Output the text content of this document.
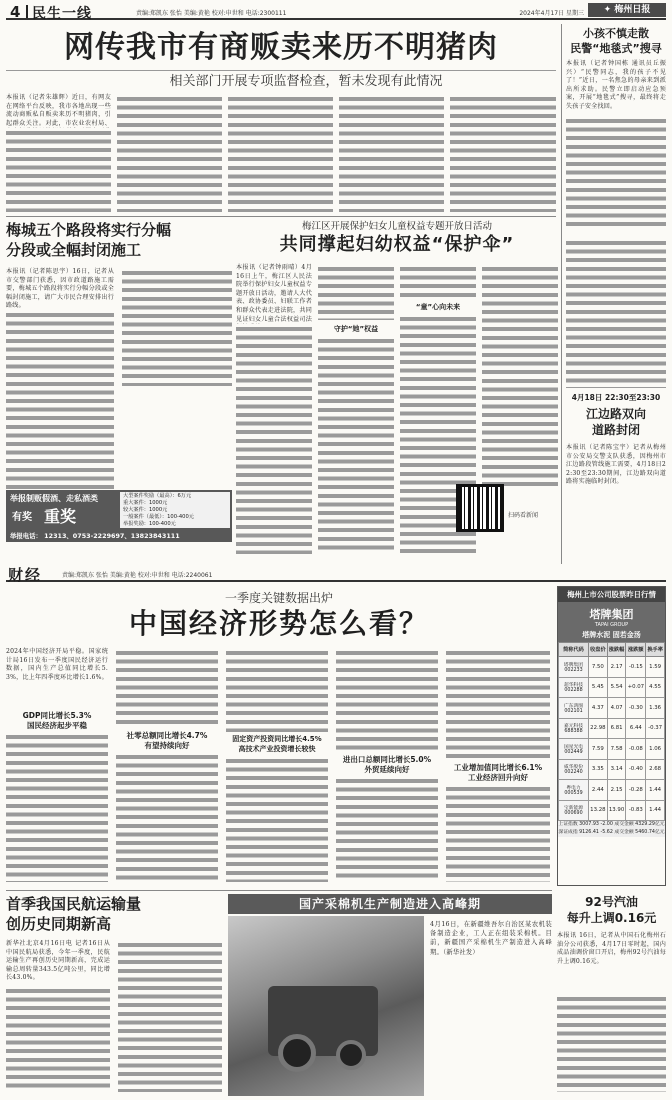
4 民生一线	责编:郑凯东 张怡 美编:黄艳 校对:申世和 电话:2300111	✦ 梅州日报
2024年4月17日 星期三
网传我市有商贩卖来历不明猪肉
相关部门开展专项监督检查，暂未发现有此情况
本报讯（记者朱雄辉）近日，有网友在网络平台反映，我市各地出现一些流动商贩私自贩卖来历不明猪肉，引起群众关注。对此，市农业农村局、
小孩不慎走散
民警“地毯式”搜寻
本报讯（记者钟国栋 通讯员丘振兴）“民警同志，我的孩子不见了！”近日，一名焦急的母亲来到派出所求助。民警立即启动应急预案，开展“地毯式”搜寻，最终将走失孩子安全找回。
梅城五个路段将实行分幅
分段或全幅封闭施工
本报讯（记者陈思宇）16日，记者从市交警部门获悉，因市政道路施工需要，梅城五个路段将实行分幅分段或全幅封闭施工，请广大市民合理安排出行路线。
举报制贩假酒、走私酒类
有奖 重奖
大型案件奖励（最高）：6万元
重大案件：1000元
较大案件：1000元
一般案件（最低）：100-400元
举报奖励：100-400元
举报电话： 12313、0753-2229697、13823843111
梅江区开展保护妇女儿童权益专题开放日活动
共同撑起妇幼权益“保护伞”
本报讯（记者钟雨晴）4月16日上午，梅江区人民法院举行保护妇女儿童权益专题开放日活动，邀请人大代表、政协委员、妇联工作者和群众代表走进法院，共同见证妇女儿童合法权益司法
守护“她”权益
“童”心向未来
扫码看新闻
4月18日 22:30至23:30
江边路双向
道路封闭
本报讯（记者陈宝宇）记者从梅州市公安局交警支队获悉，因梅州市江边路段管线施工需要，4月18日22:30至23:30期间，江边路双向道路将实施临时封闭。
财经	责编:郑凯东 张怡 美编:黄艳 校对:申世和 电话:2240061
一季度关键数据出炉
中国经济形势怎么看？
2024年中国经济开局平稳。国家统计局16日发布一季度国民经济运行数据，国内生产总值同比增长5.3%，比上年四季度环比增长1.6%。
GDP同比增长5.3%
国民经济起步平稳
社零总额同比增长4.7%
有望持续向好
固定资产投资同比增长4.5%
高技术产业投资增长较快
进出口总额同比增长5.0%
外贸延续向好	工业增加值同比增长6.1%
工业经济回升向好
梅州上市公司股票昨日行情
塔牌集团
TAPAI GROUP
塔牌水泥 固若金汤
简称代码	收盘价	涨跌幅	涨跌额	换手率
塔牌集团 002233	7.50	2.17	-0.15	1.59
超华科技 002288	5.45	5.54	+0.07	4.55
广东鸿图 002101	4.37	4.07	-0.30	1.36
嘉元科技 688388	22.98	6.81	6.44	-0.37
国星光电 002449	7.59	7.58	-0.08	1.06
威华股份 002240	3.35	3.14	-0.40	2.68
粤电力 000539	2.44	2.15	-0.28	1.44
宝新能源 000690	13.28	13.90	-0.83	1.44
上证指数 3007.93 -2.00 成交金额 4329.29亿元
深证成指 9126.41 -5.62 成交金额 5460.74亿元
首季我国民航运输量
创历史同期新高
新华社北京4月16日电 记者16日从中国民航局获悉，今年一季度，民航运输生产再创历史同期新高，完成运输总周转量343.5亿吨公里，同比增长43.0%。
国产采棉机生产制造进入高峰期
4月16日，在新疆维吾尔自治区某农机装备制造企业，工人正在组装采棉机。目前，新疆国产采棉机生产制造进入高峰期。（新华社发）
92号汽油
每升上调0.16元
本报讯 16日，记者从中国石化梅州石油分公司获悉，4月17日零时起，国内成品油调价窗口开启，梅州92号汽油每升上调0.16元。
